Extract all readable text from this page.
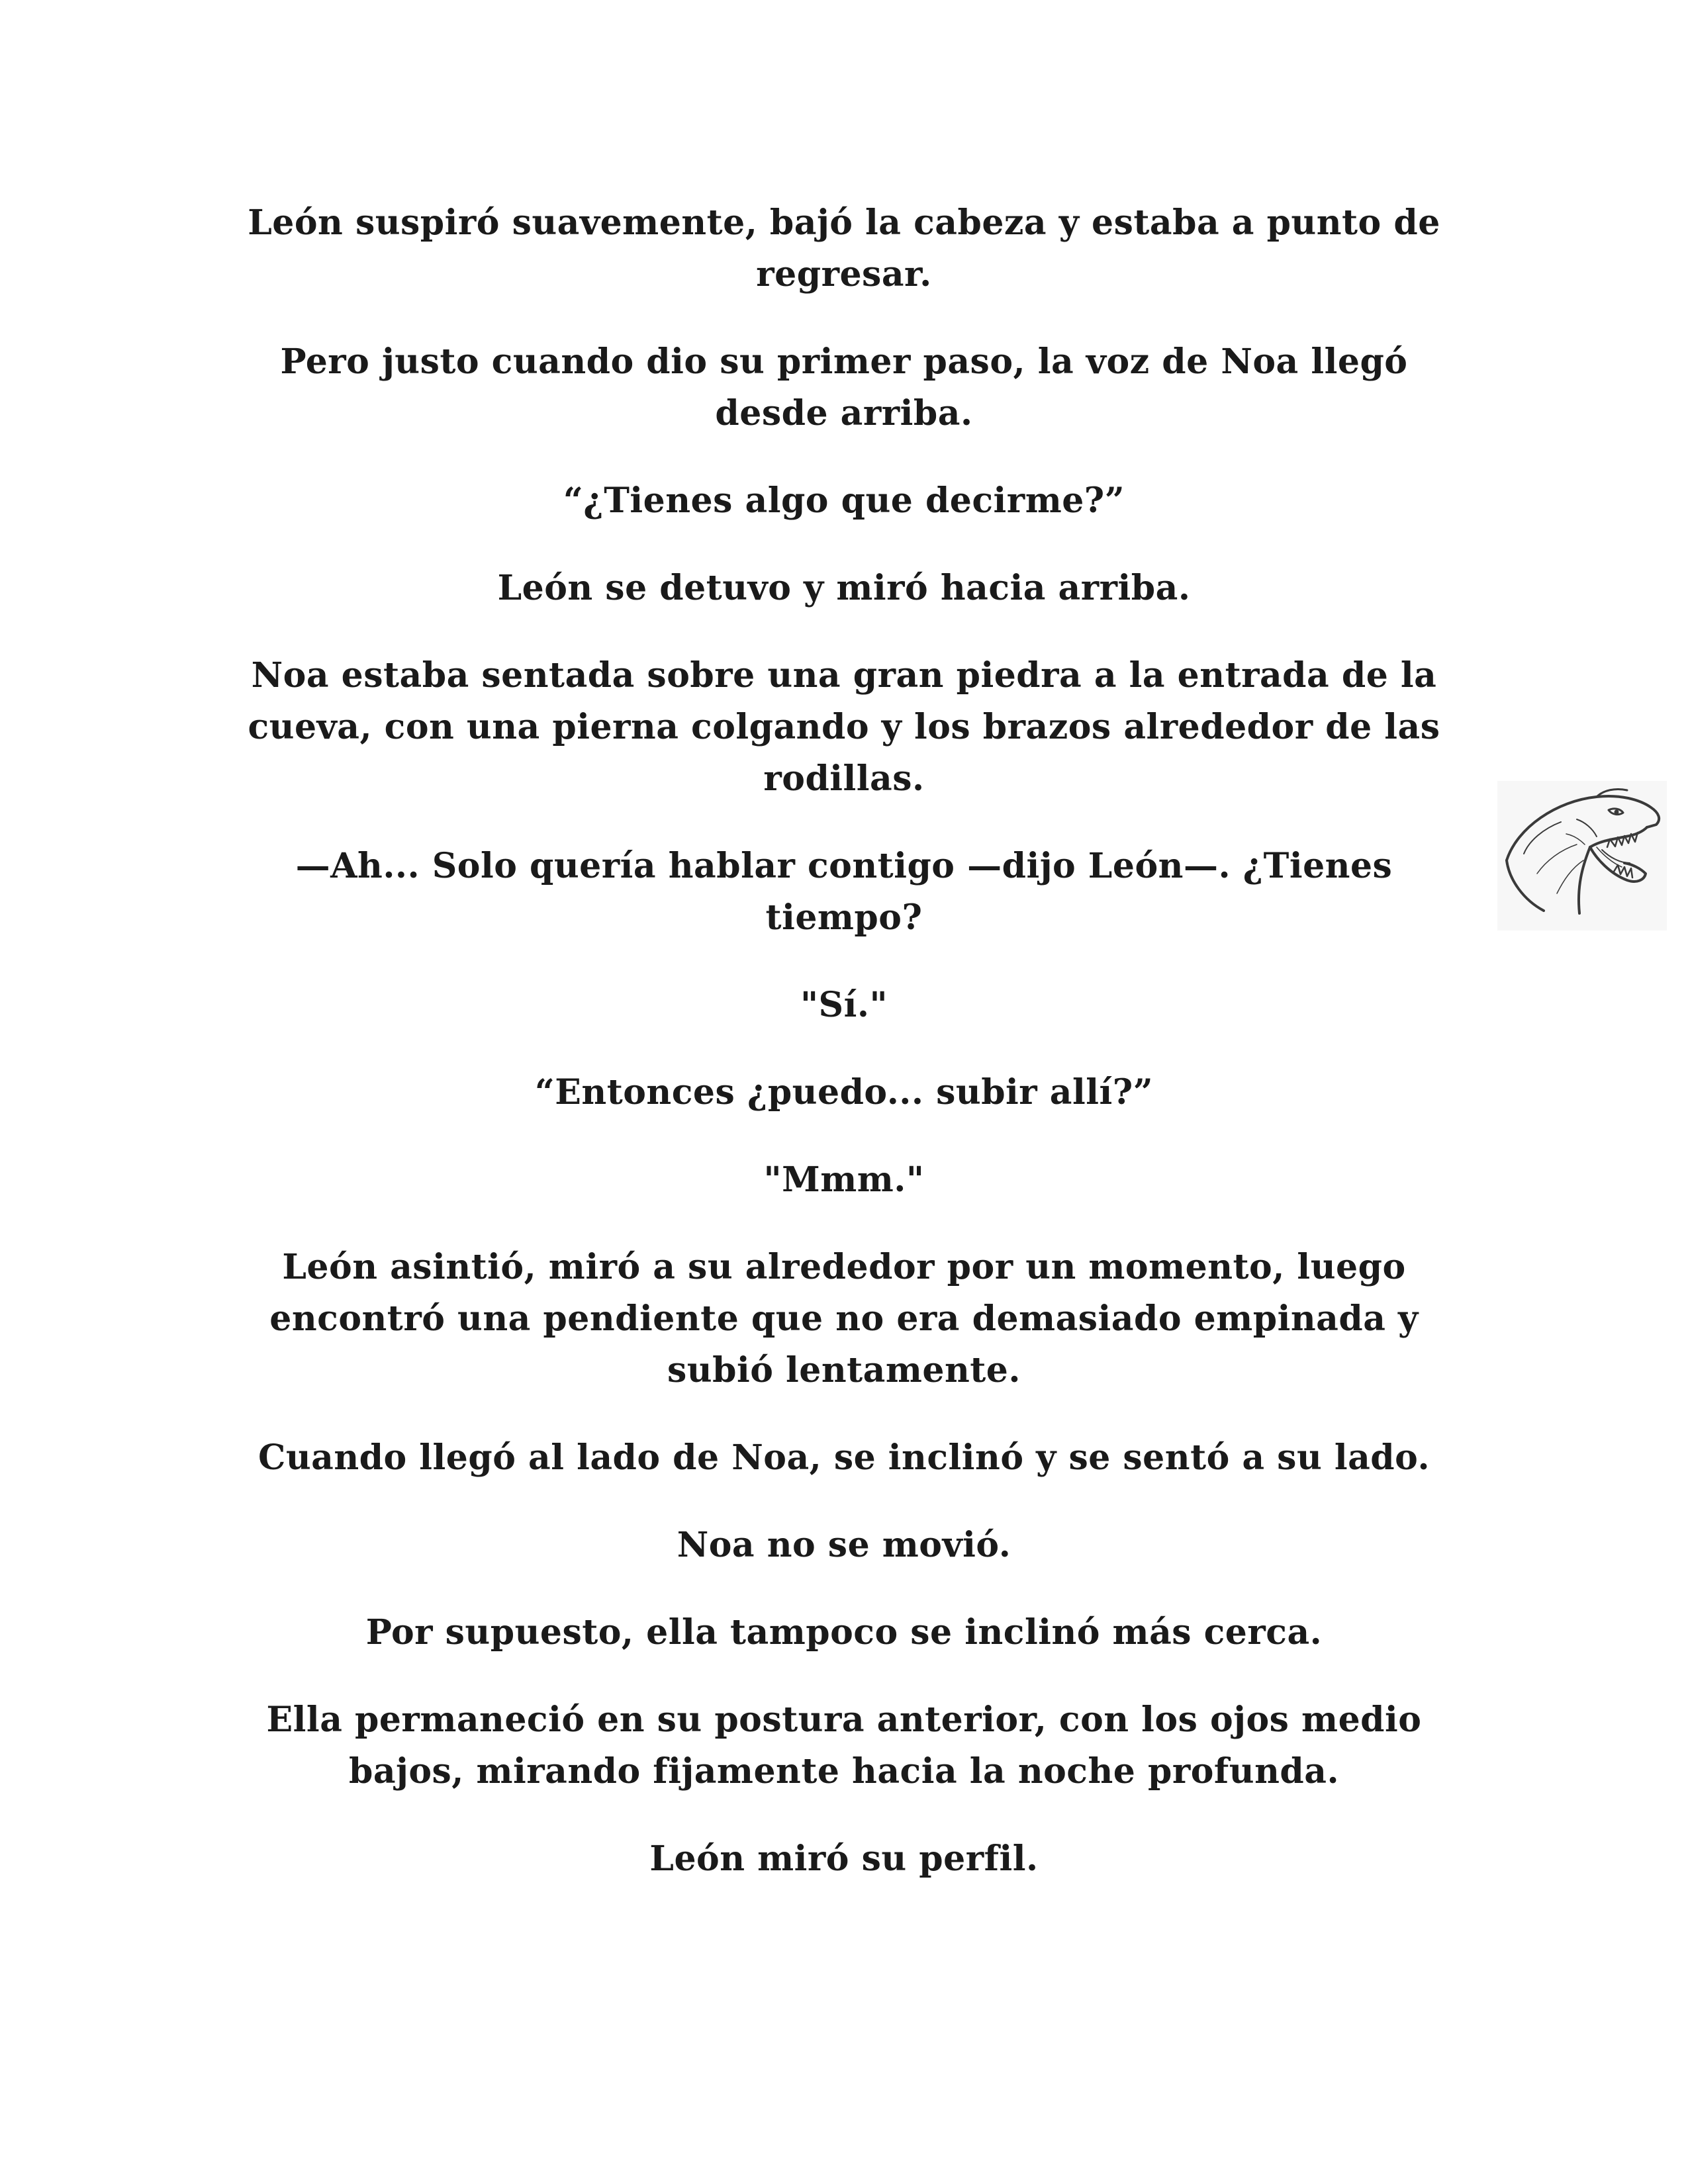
León suspiró suavemente, bajó la cabeza y estaba a punto de
regresar.

Pero justo cuando dio su primer paso, la voz de Noa llegó
desde arriba.

“¿Tienes algo que decirme?”

León se detuvo y miró hacia arriba.

Noa estaba sentada sobre una gran piedra a la entrada de la
cueva, con una pierna colgando y los brazos alrededor de las
rodillas.

—Ah... Solo quería hablar contigo —dijo León—. ¿Tienes
tiempo?

"Sí."

“Entonces ¿puedo... subir allí?”

"Mmm."

León asintió, miró a su alrededor por un momento, luego
encontró una pendiente que no era demasiado empinada y
subió lentamente.

Cuando llegó al lado de Noa, se inclinó y se sentó a su lado.

Noa no se movió.

Por supuesto, ella tampoco se inclinó más cerca.

Ella permaneció en su postura anterior, con los ojos medio
bajos, mirando fijamente hacia la noche profunda.

León miró su perfil.
